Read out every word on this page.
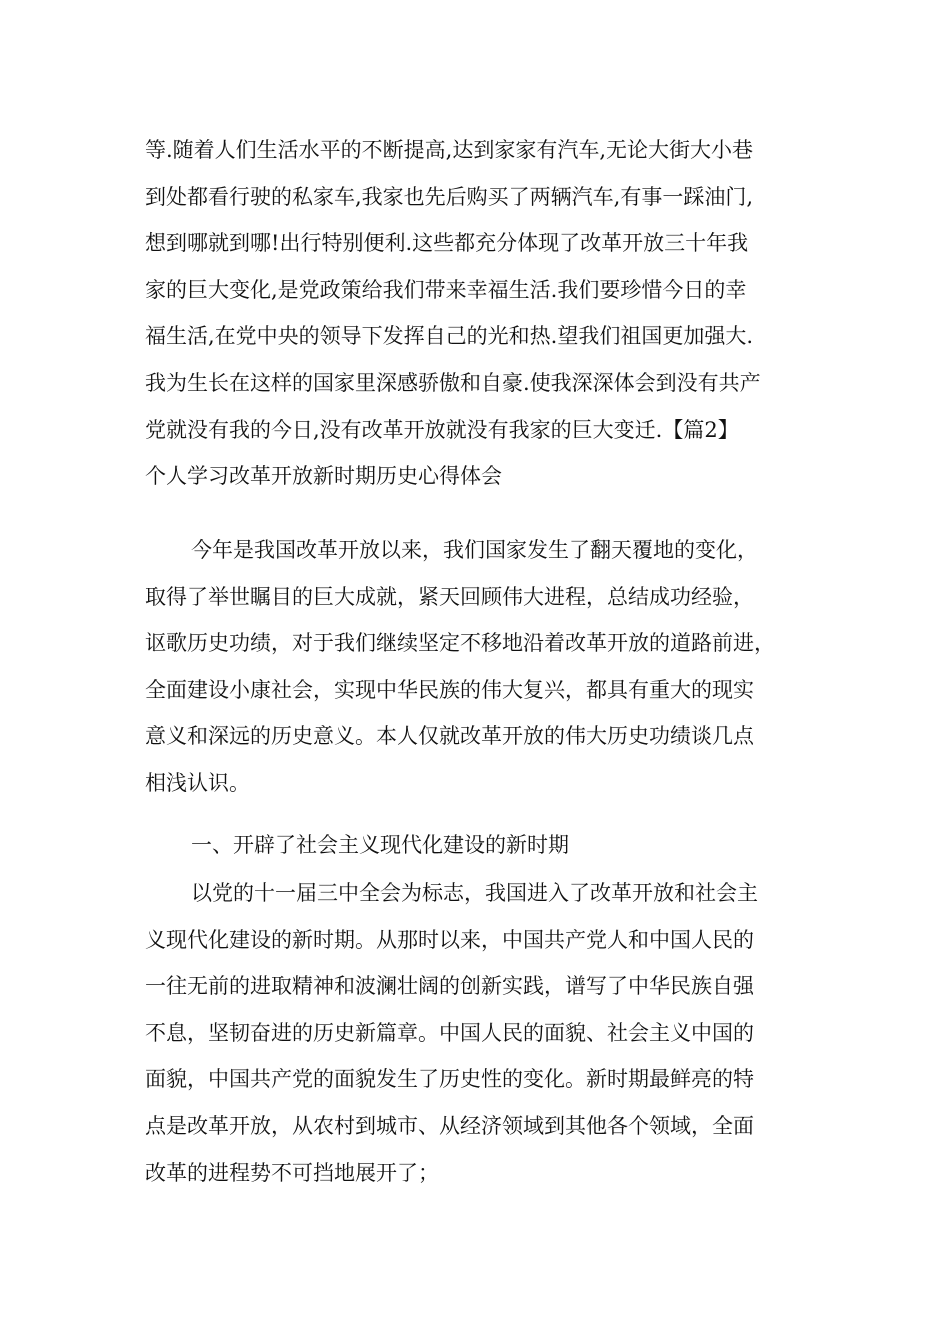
等.随着人们生活水平的不断提高,达到家家有汽车,无论大街大小巷
到处都看行驶的私家车,我家也先后购买了两辆汽车,有事一踩油门,
想到哪就到哪!出行特别便利.这些都充分体现了改革开放三十年我
家的巨大变化,是党政策给我们带来幸福生活.我们要珍惜今日的幸
福生活,在党中央的领导下发挥自己的光和热.望我们祖国更加强大.
我为生长在这样的国家里深感骄傲和自豪.使我深深体会到没有共产
党就没有我的今日,没有改革开放就没有我家的巨大变迁.【篇2】
个人学习改革开放新时期历史心得体会
今年是我国改革开放以来，我们国家发生了翻天覆地的变化，
取得了举世瞩目的巨大成就，紧天回顾伟大进程，总结成功经验，
讴歌历史功绩，对于我们继续坚定不移地沿着改革开放的道路前进，
全面建设小康社会，实现中华民族的伟大复兴，都具有重大的现实
意义和深远的历史意义。本人仅就改革开放的伟大历史功绩谈几点
相浅认识。
一、开辟了社会主义现代化建设的新时期
以党的十一届三中全会为标志，我国进入了改革开放和社会主
义现代化建设的新时期。从那时以来，中国共产党人和中国人民的
一往无前的进取精神和波澜壮阔的创新实践，谱写了中华民族自强
不息，坚韧奋进的历史新篇章。中国人民的面貌、社会主义中国的
面貌，中国共产党的面貌发生了历史性的变化。新时期最鲜亮的特
点是改革开放，从农村到城市、从经济领域到其他各个领域，全面
改革的进程势不可挡地展开了；
